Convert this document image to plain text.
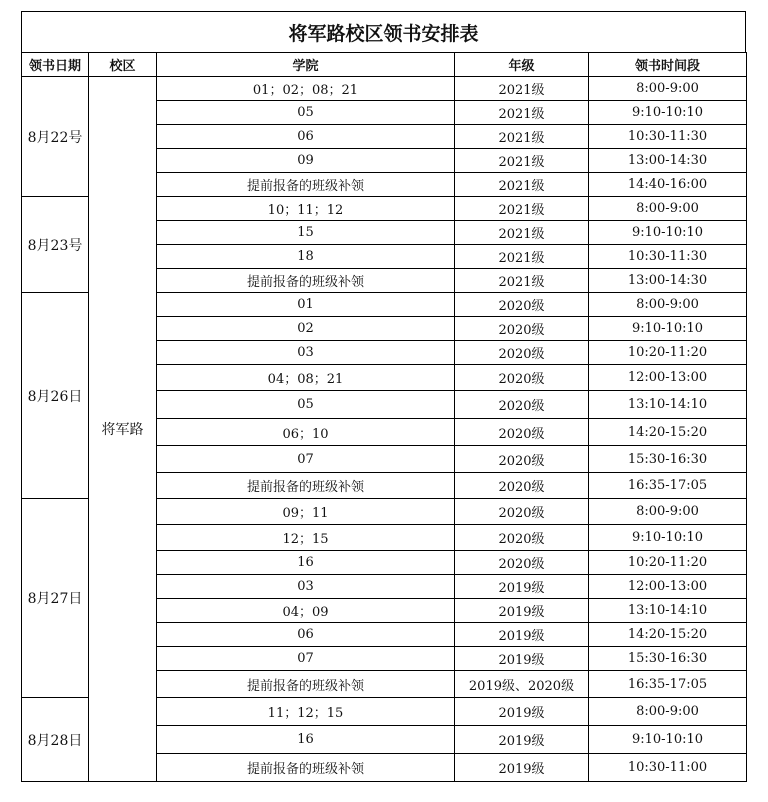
将军路校区领书安排表
领书日期	校区	学院	年级	领书时间段
8月22号	将军路	01；02；08；21	2021级	8:00-9:00
		05	2021级	9:10-10:10
		06	2021级	10:30-11:30
		09	2021级	13:00-14:30
		提前报备的班级补领	2021级	14:40-16:00
8月23号		10；11；12	2021级	8:00-9:00
		15	2021级	9:10-10:10
		18	2021级	10:30-11:30
		提前报备的班级补领	2021级	13:00-14:30
8月26日		01	2020级	8:00-9:00
		02	2020级	9:10-10:10
		03	2020级	10:20-11:20
		04；08；21	2020级	12:00-13:00
		05	2020级	13:10-14:10
		06；10	2020级	14:20-15:20
		07	2020级	15:30-16:30
		提前报备的班级补领	2020级	16:35-17:05
8月27日		09；11	2020级	8:00-9:00
		12；15	2020级	9:10-10:10
		16	2020级	10:20-11:20
		03	2019级	12:00-13:00
		04；09	2019级	13:10-14:10
		06	2019级	14:20-15:20
		07	2019级	15:30-16:30
		提前报备的班级补领	2019级、2020级	16:35-17:05
8月28日		11；12；15	2019级	8:00-9:00
		16	2019级	9:10-10:10
		提前报备的班级补领	2019级	10:30-11:00
